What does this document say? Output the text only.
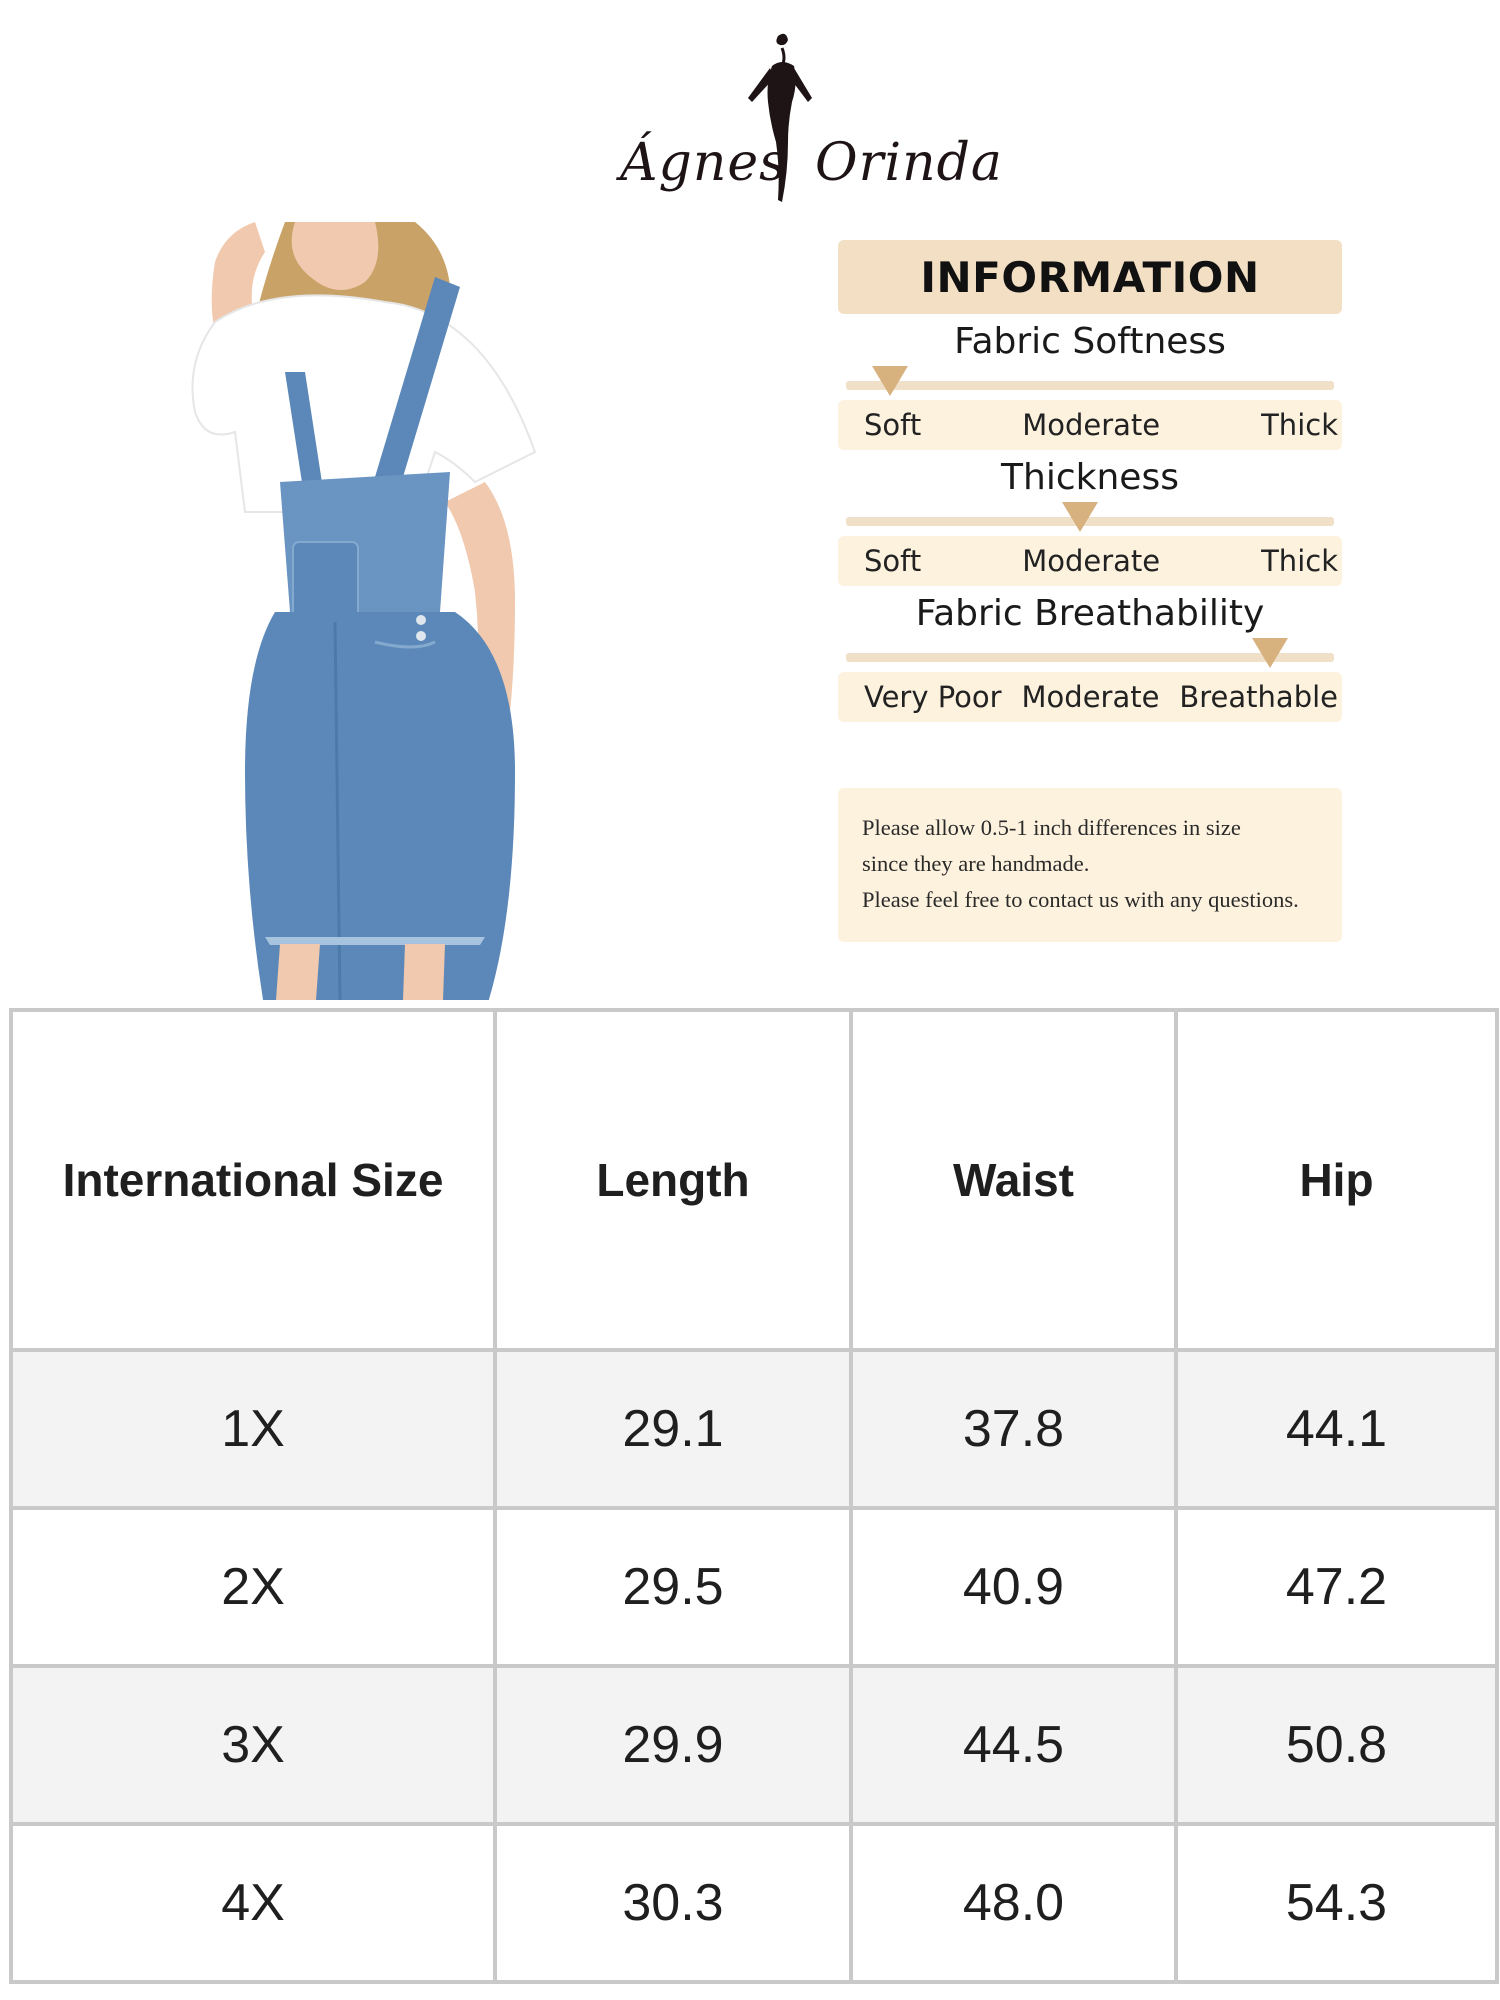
Ágnes Orinda
INFORMATION
Fabric Softness
Soft	Moderate	Thick
Thickness
Soft	Moderate	Thick
Fabric Breathability
Very Poor Moderate Breathable
Please allow 0.5-1 inch differences in size
since they are handmade.
Please feel free to contact us with any questions.
International Size	Length	Waist	Hip
1X	29.1	37.8	44.1
2X	29.5	40.9	47.2
3X	29.9	44.5	50.8
4X	30.3	48.0	54.3
